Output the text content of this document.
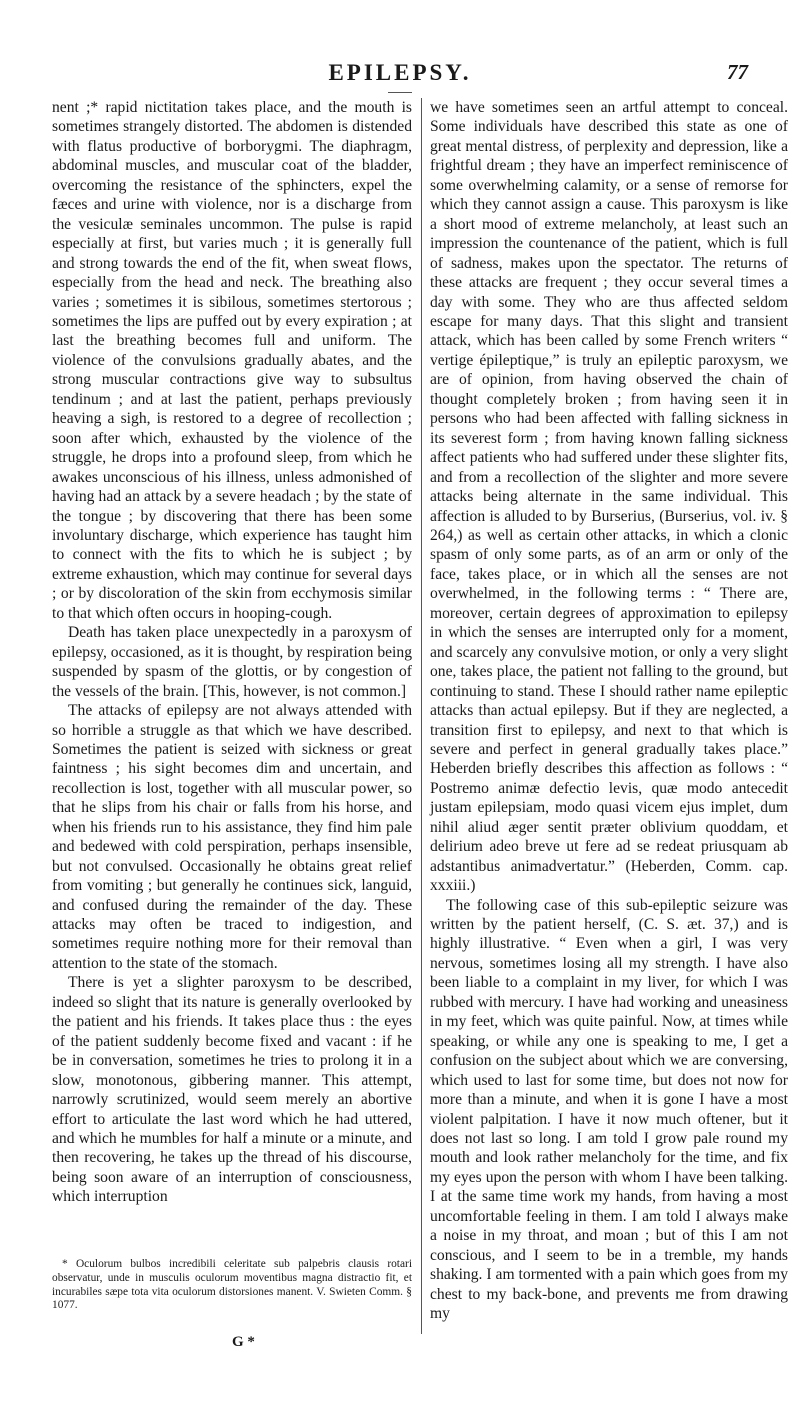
EPILEPSY.	77

nent ;* rapid nictitation takes place, and the mouth is sometimes strangely distorted. The abdomen is distended with flatus productive of borborygmi. The diaphragm, abdominal muscles, and muscular coat of the bladder, overcoming the resistance of the sphincters, expel the fæces and urine with violence, nor is a discharge from the vesiculæ seminales uncommon. The pulse is rapid especially at first, but varies much ; it is generally full and strong towards the end of the fit, when sweat flows, especially from the head and neck. The breathing also varies ; sometimes it is sibilous, sometimes stertorous ; sometimes the lips are puffed out by every expiration ; at last the breathing becomes full and uniform. The violence of the convulsions gradually abates, and the strong muscular contractions give way to subsultus tendinum ; and at last the patient, perhaps previously heaving a sigh, is restored to a degree of recollection ; soon after which, exhausted by the violence of the struggle, he drops into a profound sleep, from which he awakes unconscious of his illness, unless admonished of having had an attack by a severe headach ; by the state of the tongue ; by discovering that there has been some involuntary discharge, which experience has taught him to connect with the fits to which he is subject ; by extreme exhaustion, which may continue for several days ; or by discoloration of the skin from ecchymosis similar to that which often occurs in hooping-cough.

Death has taken place unexpectedly in a paroxysm of epilepsy, occasioned, as it is thought, by respiration being suspended by spasm of the glottis, or by congestion of the vessels of the brain. [This, however, is not common.]

The attacks of epilepsy are not always attended with so horrible a struggle as that which we have described. Sometimes the patient is seized with sickness or great faintness ; his sight becomes dim and uncertain, and recollection is lost, together with all muscular power, so that he slips from his chair or falls from his horse, and when his friends run to his assistance, they find him pale and bedewed with cold perspiration, perhaps insensible, but not convulsed. Occasionally he obtains great relief from vomiting ; but generally he continues sick, languid, and confused during the remainder of the day. These attacks may often be traced to indigestion, and sometimes require nothing more for their removal than attention to the state of the stomach.

There is yet a slighter paroxysm to be described, indeed so slight that its nature is generally overlooked by the patient and his friends. It takes place thus : the eyes of the patient suddenly become fixed and vacant : if he be in conversation, sometimes he tries to prolong it in a slow, monotonous, gibbering manner. This attempt, narrowly scrutinized, would seem merely an abortive effort to articulate the last word which he had uttered, and which he mumbles for half a minute or a minute, and then recovering, he takes up the thread of his discourse, being soon aware of an interruption of consciousness, which interruption

we have sometimes seen an artful attempt to conceal. Some individuals have described this state as one of great mental distress, of perplexity and depression, like a frightful dream ; they have an imperfect reminiscence of some overwhelming calamity, or a sense of remorse for which they cannot assign a cause. This paroxysm is like a short mood of extreme melancholy, at least such an impression the countenance of the patient, which is full of sadness, makes upon the spectator. The returns of these attacks are frequent ; they occur several times a day with some. They who are thus affected seldom escape for many days. That this slight and transient attack, which has been called by some French writers “ vertige épileptique,” is truly an epileptic paroxysm, we are of opinion, from having observed the chain of thought completely broken ; from having seen it in persons who had been affected with falling sickness in its severest form ; from having known falling sickness affect patients who had suffered under these slighter fits, and from a recollection of the slighter and more severe attacks being alternate in the same individual. This affection is alluded to by Burserius, (Burserius, vol. iv. § 264,) as well as certain other attacks, in which a clonic spasm of only some parts, as of an arm or only of the face, takes place, or in which all the senses are not overwhelmed, in the following terms : “ There are, moreover, certain degrees of approximation to epilepsy in which the senses are interrupted only for a moment, and scarcely any convulsive motion, or only a very slight one, takes place, the patient not falling to the ground, but continuing to stand. These I should rather name epileptic attacks than actual epilepsy. But if they are neglected, a transition first to epilepsy, and next to that which is severe and perfect in general gradually takes place.” Heberden briefly describes this affection as follows : “ Postremo animæ defectio levis, quæ modo antecedit justam epilepsiam, modo quasi vicem ejus implet, dum nihil aliud æger sentit præter oblivium quoddam, et delirium adeo breve ut fere ad se redeat priusquam ab adstantibus animadvertatur.” (Heberden, Comm. cap. xxxiii.)

The following case of this sub-epileptic seizure was written by the patient herself, (C. S. æt. 37,) and is highly illustrative. “ Even when a girl, I was very nervous, sometimes losing all my strength. I have also been liable to a complaint in my liver, for which I was rubbed with mercury. I have had working and uneasiness in my feet, which was quite painful. Now, at times while speaking, or while any one is speaking to me, I get a confusion on the subject about which we are conversing, which used to last for some time, but does not now for more than a minute, and when it is gone I have a most violent palpitation. I have it now much oftener, but it does not last so long. I am told I grow pale round my mouth and look rather melancholy for the time, and fix my eyes upon the person with whom I have been talking. I at the same time work my hands, from having a most uncomfortable feeling in them. I am told I always make a noise in my throat, and moan ; but of this I am not conscious, and I seem to be in a tremble, my hands shaking. I am tormented with a pain which goes from my chest to my back-bone, and prevents me from drawing my

* Oculorum bulbos incredibili celeritate sub palpebris clausis rotari observatur, unde in musculis oculorum moventibus magna distractio fit, et incurabiles sæpe tota vita oculorum distorsiones manent. V. Swieten Comm. § 1077.

G *
